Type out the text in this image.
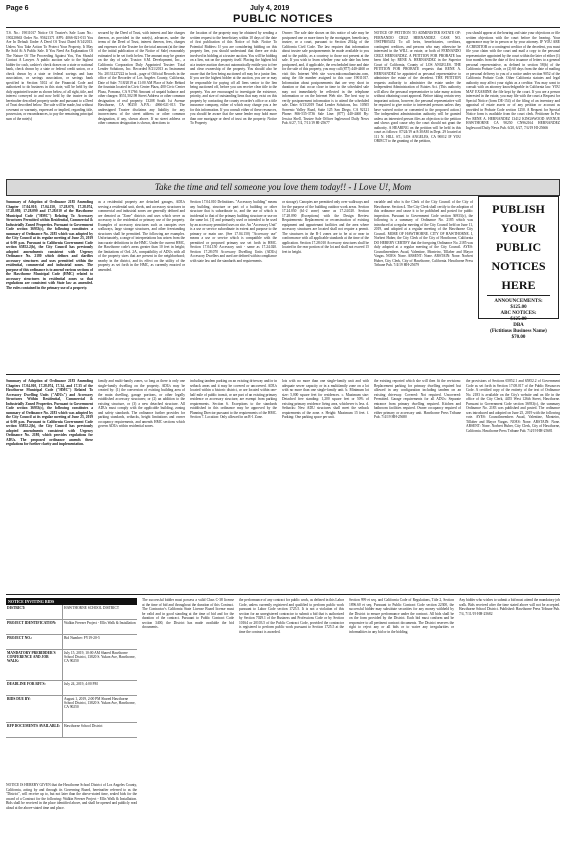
Page 6	July 4, 2019
PUBLIC NOTICES

T.S. No.: 19011017 Notice Of Trustee's Sale Loan No.: 190220663 Order No. 95621371 APN: 4066-021-013 You Are In Default Under A Deed Of Trust Dated 8/14/2013. Unless You Take Action To Protect Your Property, It May Be Sold At A Public Sale. If You Need An Explanation Of The Nature Of The Proceeding Against You, You Should Contact A Lawyer. A public auction sale to the highest bidder for cash, cashier's check drawn on a state or national bank, check drawn by a state or federal credit union, or a check drawn by a state or federal savings and loan association, or savings association, or savings bank specified in Section 5102 of the Financial Code and authorized to do business in this state, will be held by the duly appointed trustee as shown below, of all right, title, and interest conveyed to and now held by the trustee in the hereinafter described property under and pursuant to a Deed of Trust described below. The sale will be made, but without covenant or warranty, expressed or implied, regarding title, possession, or encumbrances, to pay the remaining principal sum of the note(s)

secured by the Deed of Trust, with interest and late charges thereon, as provided in the note(s), advances, under the terms of the Deed of Trust, interest thereon, fees, charges and expenses of the Trustee for the total amount (at the time of the initial publication of the Notice of Sale) reasonably estimated to be set forth below. The amount may be greater on the day of sale. Trustor: S.M. Development, Inc., a California Corporation Duly Appointed Trustee: Total Lender Solutions, Inc. Recorded 8/21/2013 as Instrument No. 20131227222 in book , page of Official Records in the office of the Recorder of Los Angeles County, California, Date of Sale: 7/18/2019 at 11:00 AM Place of Sale: Behind the fountain located in Civic Center Plaza, 400 Civic Center Plaza, Pomona, CA 91766 Amount of unpaid balance and other charges: $551,502.98 Street Address or other common designation of real property: 13208 South 1st Avenue Hawthorne, CA 90250 A.P.N.: 4066-021-013 The undersigned Trustee disclaims any liability for any incorrectness of the street address or other common designation, if any, shown above. If no street address or other common designation is shown, directions to

the location of the property may be obtained by sending a written request to the beneficiary within 10 days of the date of first publication of this Notice of Sale. Notice To Potential Bidders: If you are considering bidding on this property lien, you should understand that there are risks involved in bidding at a trustee auction. You will be bidding on a lien, not on the property itself. Placing the highest bid at a trustee auction does not automatically entitle you to free and clear ownership of the property. You should also be aware that the lien being auctioned off may be a junior lien. If you are the highest bidder at the auction, you are or may be responsible for paying off all liens senior to the lien being auctioned off, before you can receive clear title to the property. You are encouraged to investigate the existence, priority, and size of outstanding liens that may exist on this property by contacting the county recorder's office or a title insurance company, either of which may charge you a fee for this information. If you consult either of these resources, you should be aware that the same lender may hold more than one mortgage or deed of trust on the property. Notice To Property

Owner: The sale date shown on this notice of sale may be postponed one or more times by the mortgagee, beneficiary, trustee, or a court, pursuant to Section 2924g of the California Civil Code. The law requires that information about trustee sale postponements be made available to you and to the public, as a courtesy to those not present at the sale. If you wish to learn whether your sale date has been postponed, and, if applicable, the rescheduled time and date for the sale of this property, you may call (877) 440-4460 or visit this Internet Web site www.mkconsultantsinc.com, using the file number assigned to this case 19011017. Information about postponements that are very short in duration or that occur close in time to the scheduled sale may not immediately be reflected in the telephone information or on the Internet Web site. The best way to verify postponement information is to attend the scheduled sale. Date: 6/13/2019 Total Lender Solutions, Inc. 10505 Sorrento Valley Road, Suite 125 San Diego, CA 92121 Phone: 866-535-3736 Sale Line: (877) 440-4460 By: Jessica Shell, Trustee Sale Officer Inglewood Daily News Pub. 6/27, 7/4, 7/11/19 HI-25677

NOTICE OF PETITION TO ADMINISTER ESTATE OF: FERNANDO CRUZ HERNANDEZ CASE NO. 19STPB05452 To all heirs, beneficiaries, creditors, contingent creditors, and persons who may otherwise be interested in the WILL or estate, or both of FERNANDO CRUZ HERNANDEZ. A PETITION FOR PROBATE has been filed by: RENE A. HERNANDEZ in the Superior Court of California, County of LOS ANGELES. THE PETITION FOR PROBATE requests that RENE A. HERNANDEZ be appointed as personal representative to administer the estate of the decedent. THE PETITION requests authority to administer the estate under the Independent Administration of Estates Act. (This authority will allow the personal representative to take many actions without obtaining court approval. Before taking certain very important actions, however, the personal representative will be required to give notice to interested persons unless they have waived notice or consented to the proposed action.) The independent administration authority will be granted unless an interested person files an objection to the petition and shows good cause why the court should not grant the authority. A HEARING on the petition will be held in this court as follows: 07/24/19 at 8:30AM in Dept. 29 located at 111 N. HILL ST., LOS ANGELES, CA 90012 IF YOU OBJECT to the granting of the petition,

you should appear at the hearing and state your objections or file written objections with the court before the hearing. Your appearance may be in person or by your attorney. IF YOU ARE A CREDITOR or a contingent creditor of the decedent, you must file your claim with the court and mail a copy to the personal representative appointed by the court within the later of either (1) four months from the date of first issuance of letters to a general personal representative, as defined in section 58(b) of the California Probate Code, or (2) 60 days from the date of mailing or personal delivery to you of a notice under section 9052 of the California Probate Code. Other California statutes and legal authority may affect your rights as a creditor. You may want to consult with an attorney knowledgeable in California law. YOU MAY EXAMINE the file kept by the court. If you are a person interested in the estate, you may file with the court a Request for Special Notice (form DE-154) of the filing of an inventory and appraisal of estate assets or of any petition or account as provided in Probate Code section 1250. A Request for Special Notice form is available from the court clerk. Petitioner In Pro Per RENE A. HERNANDEZ 13412 KINGSWOOD AVENUE HAWTHORNE CA 90250 CN962164 HERNANDEZ Inglewood Daily News Pub. 6/20, 6/27, 7/4/19 HI-25666

Take the time and tell someone you love them today!! - I Love U!, Mom

Summary of Adoption of Ordinance 2185 Amending Chapter 17.04.010, 17.04.150, 17.28.070, 17.28.074, 17.28.080, 17.28.090 and 17.28.010 of the Hawthorne Municipal Code ("HMC") Relating To Accessory Structures Permitted within Residential, Commercial & Industrially Zoned Properties. Pursuant to Government Code section 36933(c), the following constitutes a summary of Ordinance No. 2185 which was adopted by the City Council at its regular meeting of June 25, 2019 at 6:00 p.m. Pursuant to California Government Code section 65852.2(b), the City Council has previously adopted amendments consistent with Urgency Ordinance No. 2180 which defines and clarifies accessory structures and uses permitted within the residential, commercial and industrial zones. The purpose of this ordinance is to amend various sections of the Hawthorne Municipal Code (HMC) related to accessory structures in residential zones so that regulations are consistent with State law as amended. The rules contained in the primary use of a property.

as a residential property are detached garages, ADUs serving a residential unit, sheds, and accessory structures in commercial and industrial zones are generally defined and are denoted as "Zone" districts and uses which serve as accessory to the residential or primary use of the property. Examples of accessory structures such as canopies over walkways, large storage structures, and other freestanding structures shall be permitted. The following are examples. Unfortunately, a range of interpretations has arisen from the inaccurate definitions in the HMC. Under the current HMC, the Hawthorne code's areas greater than 10 feet in height; the limitations of Ord. 2A, compatibility of ADUs with all of the property sizes that are present in the neighborhood; nearby in the district, and its effect on the utility of the property as set forth in the HMC, as currently enacted or amended.

Section 17.04.010 Definitions. "Accessory building" means any building, structure or part of a building or other structure that is subordinate to, and the use of which is incidental to that of the primary building structure or use on the same lot. [1] and primarily used or intended to be used by an accessory permitted uses on site. An "Accessory Unit" is a use or service subordinate in extent and purpose to the primary or main use. (See 17.04.150) "Accessory use" means a use or service which is compatible with the permitted or proposed primary use set forth in HMC. Section 17.04.150 Accessory unit - same as 17.24.020. Section 17.28.070 Accessory Dwelling Units (ADUs) Accessory Dwellers and used are defined within compliance with state law and the standards and requirements.

or storage). Canopies are permitted only over walkways and for the purpose of the building outdoor work areas. Section 17.24.030 (b1-2 zone) same as 17.24.020. Section 17.28.090 (Exceptions) with the Design Review Requirements: Replacement or reconstruction of existing equipment and appurtenant facilities and the area where accessory structures are located shall not require a permit. The structures in the R-1 zones are to be at or near in conformance with all applicable standards at the time of the application. Section 17.28.010 Accessory structures shall be located in the rear portion of the lot and shall not exceed 15 feet in height.

variable and who is the Clerk of the City Council of the City of Hawthorne. Section 4. The City Clerk shall certify to the adoption of this ordinance and cause it to be published and posted for public inspection. Pursuant to Government Code section 36933(c), the following is a summary of Ordinance No. 2185 which was introduced at a regular meeting of the City Council held on June 11, 2019, and adopted at a regular meeting of the Hawthorne City Council. MORE OF HAWTHORNE. CITY OF HAWTHORNE. I, Norbert Huber, the City Clerk of the City of Hawthorne, California DO HEREBY CERTIFY that the foregoing Ordinance No. 2185 was duly adopted at a regular meeting of the City Council. AYES: Councilmembers Awad, Valentine, Monteiro, Tillaber and Mayor Vargas. NOES: None. ABSENT: None. ABSTAIN: None. Norbert Huber, City Clerk, City of Hawthorne, California. Hawthorne Press Tribune Pub. 7/4/19 HH-25679

PUBLISH
YOUR
PUBLIC
NOTICES
HERE
ANNOUNCEMENTS:
$125.00
ABC NOTICES:
$125.00
DBA
(Fictitious Business Name)
$70.00

Summary of Adoption of Ordinance 2183 Amending Chapters 17.04.010, 17.28.074, 17.34, and 17.35 of the Hawthorne Municipal Code ("HMC") Related To Accessory Dwelling Units ("ADUs") and Accessory Structures Within Residential, Commercial & Industrially Zoned Properties. Pursuant to Government Code section 36933(c), the following constitutes a summary of Ordinance No. 2183 which was adopted by the City Council at its regular meeting of June 25, 2019 at 6:00 p.m. Pursuant to California Government Code section 65852.2(b), the City Council has previously adopted amendments consistent with Urgency Ordinance No. 2180, which provides regulations for ADUs. The proposed ordinance amends these regulations for further clarity and implementation.

family and multi-family zones, so long as there is only one single-family dwelling on the property. ADUs may be created by: (1) the conversion of existing building area of the main dwelling, garage portions, or other legally established accessory structures; or (2) an addition to the existing structure, or (3) a new detached structure. All ADUs must comply with the applicable building, zoning and safety standards. The ordinance further provides for parking standards, setbacks, height limitations and owner occupancy requirements, and amends HMC sections which govern ADUs within residential zones.

including tandem parking on an existing driveway and/or in setback areas and it may be covered or uncovered. ADUs located within a historic district, or are located within one-half mile of public transit, or are part of an existing primary residence or accessory structure, are exempt from parking requirements. Section 6. Exceptions to the standards established in this ordinance may be approved by the Planning Director pursuant to the requirements of the HMC. Section 7. Location: Only allowed in an R-1 Zone.

lots with no more than one single-family unit and with adequate sewer capacity or in a multifamily zone on a lot with no more than one single-family unit. b. Minimum lot size: 5,000 square feet for residences. c. Maximum size: Detached free standing: 1,200 square feet or 50% of existing primary residence living area, whichever is less. d. Setbacks: New ADU structures shall meet the setback requirements of the zone. e. Height: Maximum 15 feet. f. Parking: One parking space per unit.

the existing reported which she will then fit the revisions: Replacement parking for primary dwelling required but allowed in any configuration including tandem on an existing driveway. Covered: Not required. Uncovered: Permitted. Garage requirements for all ADUs: Separate entrance from primary dwelling required. Kitchen and bathroom facilities required. Owner occupancy required of either primary or accessory unit. Hawthorne Press Tribune Pub. 7/4/19 HH-25680

the provisions of Sections 65852.1 and 65852.2 of Government Code as set forth in Section 17.08.017 of the Public Resources Code. A certified copy of the entirety of the text of Ordinance No. 2183 is available on the City's website and on file in the office of the City Clerk, 4455 West 126th Street, Hawthorne. Pursuant to Government Code section 36933(c), the summary Ordinance No. 2183 was published and posted. The ordinance was introduced and adopted on June 25, 2019 with the following vote. AYES: Councilmembers Awad, Valentine, Monteiro, Tillaber and Mayor Vargas. NOES: None. ABSTAIN: None. ABSENT: None. Norbert Huber, City Clerk, City of Hawthorne, California. Hawthorne Press Tribune Pub. 7/4/19 HH-25681

NOTICE INVITING BIDS
DISTRICT:	HAWTHORNE SCHOOL DISTRICT
PROJECT IDENTIFICATION:	Walkin Freezer Project - Ellis Walk & Installation
PROJECT NO.:	Bid Number: FY19-20-5
MANDATORY PREBIDDER'S CONFERENCE AND JOB WALK:
July 15, 2019, 10:00 AM Shared Hawthorne School District, 13820 S. Yukon Ave, Hawthorne, CA 90250
DEADLINE FOR RFI'S:	July 24, 2019, 4:00 PM
BIDS DUE BY:	August 1, 2019, 2:00 PM Shared Hawthorne School District, 13820 S. Yukon Ave, Hawthorne, CA 90250
RFP DOCUMENTS AVAILABLE:	Hawthorne School District

NOTICE IS HEREBY GIVEN that the Hawthorne School District of Los Angeles County, California, acting by and through its Governing Board, hereinafter referred to as the "District", will receive up to, but not later than the above-stated time, sealed bids for the award of a Contract for the following: Walkin Freezer Project - Ellis Walk & Installation. Bids shall be received in the place identified above, and shall be opened and publicly read aloud at the above-stated time and place.

The successful bidder must possess a valid Class C-38 license at the time of bid and throughout the duration of this Contract. The Contractor's California State License Board license must be valid and in good standing at the time of bid and for the duration of the contract. Pursuant to Public Contract Code section 3400, the District has made available the bid documents.

the performance of any contract for public work, as defined in this Labor Code, unless currently registered and qualified to perform public work pursuant to Labor Code section 1725.5. It is not a violation of this section for an unregistered contractor to submit a bid that is authorized by Section 7029.1 of the Business and Professions Code or by Section 10164 or 20103.5 of the Public Contract Code, provided the contractor is registered to perform public work pursuant to Section 1725.5 at the time the contract is awarded.

Section 999 et seq. and California Code of Regulations, Title 2, Section 1896.60 et seq. Pursuant to Public Contract Code section 22300, the successful bidder may substitute securities for any money withheld by the District to ensure performance under the contract. All bids shall be on the form provided by the District. Each bid must conform and be responsive to all pertinent contract documents. The District reserves the right to reject any or all bids or to waive any irregularities or informalities in any bid or in the bidding.

Any bidder who wishes to submit a bid must attend the mandatory job walk. Bids received after the time stated above will not be accepted. Hawthorne School District. Published: Hawthorne Press Tribune Pub. 7/4, 7/11/19 HH-25682
